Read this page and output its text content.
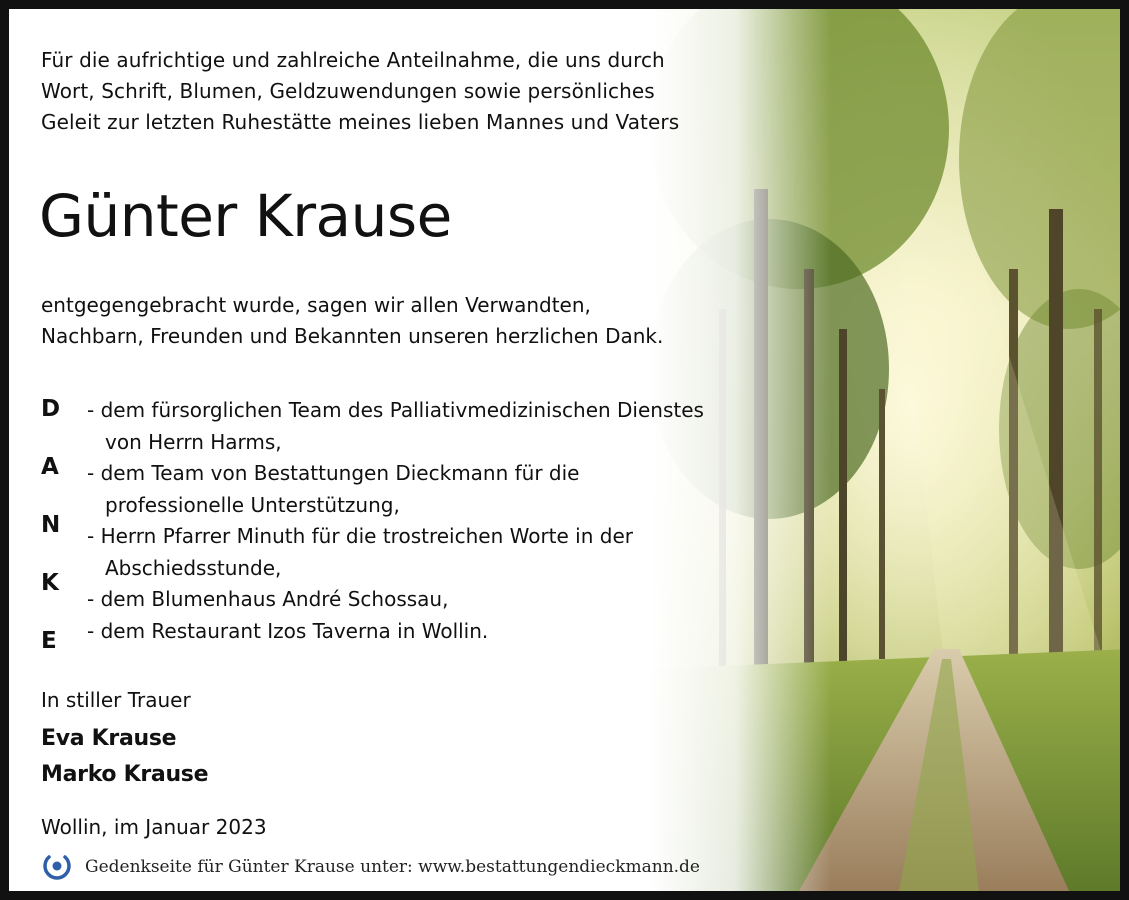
Für die aufrichtige und zahlreiche Anteilnahme, die uns durch
Wort, Schrift, Blumen, Geldzuwendungen sowie persönliches
Geleit zur letzten Ruhestätte meines lieben Mannes und Vaters
Günter Krause
entgegengebracht wurde, sagen wir allen Verwandten,
Nachbarn, Freunden und Bekannten unseren herzlichen Dank.
D
A
N
K
E
- dem fürsorglichen Team des Palliativmedizinischen Dienstes
von Herrn Harms,
- dem Team von Bestattungen Dieckmann für die
professionelle Unterstützung,
- Herrn Pfarrer Minuth für die trostreichen Worte in der
Abschiedsstunde,
- dem Blumenhaus André Schossau,
- dem Restaurant Izos Taverna in Wollin.
In stiller Trauer
Eva Krause
Marko Krause
Wollin, im Januar 2023
Gedenkseite für Günter Krause unter: www.bestattungendieckmann.de
